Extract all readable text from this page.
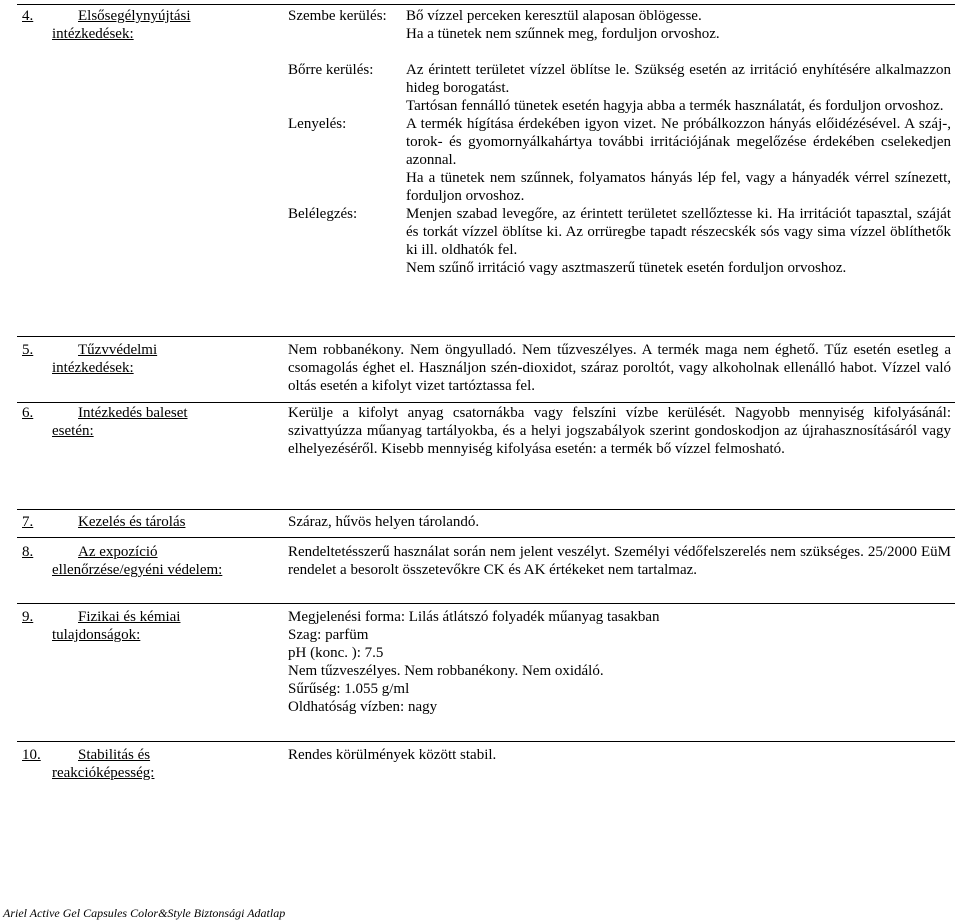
4.	Elsősegélynyújtási
intézkedések:
Szembe kerülés:	Bő vízzel perceken keresztül alaposan öblögesse.
Ha a tünetek nem szűnnek meg, forduljon orvoshoz.
Bőrre kerülés:	Az érintett területet vízzel öblítse le. Szükség esetén az irritáció enyhítésére alkalmazzon hideg borogatást.
Tartósan fennálló tünetek esetén hagyja abba a termék használatát, és forduljon orvoshoz.
Lenyelés:	A termék hígítása érdekében igyon vizet. Ne próbálkozzon hányás előidézésével. A száj-, torok- és gyomornyálkahártya további irritációjának megelőzése érdekében cselekedjen azonnal.
Ha a tünetek nem szűnnek, folyamatos hányás lép fel, vagy a hányadék vérrel színezett, forduljon orvoshoz.
Belélegzés:	Menjen szabad levegőre, az érintett területet szellőztesse ki. Ha irritációt tapasztal, száját és torkát vízzel öblítse ki. Az orrüregbe tapadt részecskék sós vagy sima vízzel öblíthetők ki ill. oldhatók fel.
Nem szűnő irritáció vagy asztmaszerű tünetek esetén forduljon orvoshoz.
5.	Tűzvvédelmi
intézkedések:
Nem robbanékony. Nem öngyulladó. Nem tűzveszélyes. A termék maga nem éghető. Tűz esetén esetleg a csomagolás éghet el. Használjon szén-dioxidot, száraz poroltót, vagy alkoholnak ellenálló habot. Vízzel való oltás esetén a kifolyt vizet tartóztassa fel.
6.	Intézkedés baleset
esetén:
Kerülje a kifolyt anyag csatornákba vagy felszíni vízbe kerülését. Nagyobb mennyiség kifolyásánál: szivattyúzza műanyag tartályokba, és a helyi jogszabályok szerint gondoskodjon az újrahasznosításáról vagy elhelyezéséről. Kisebb mennyiség kifolyása esetén: a termék bő vízzel felmosható.
7.	Kezelés és tárolás	Száraz, hűvös helyen tárolandó.
8.	Az expozíció
ellenőrzése/egyéni védelem:
Rendeltetésszerű használat során nem jelent veszélyt. Személyi védőfelszerelés nem szükséges. 25/2000 EüM rendelet a besorolt összetevőkre CK és AK értékeket nem tartalmaz.
9.	Fizikai és kémiai
tulajdonságok:
Megjelenési forma: Lilás átlátszó folyadék műanyag tasakban
Szag: parfüm
pH (konc. ): 7.5
Nem tűzveszélyes. Nem robbanékony. Nem oxidáló.
Sűrűség: 1.055 g/ml
Oldhatóság vízben: nagy
10. Stabilitás és
reakcióképesség:
Rendes körülmények között stabil.
Ariel Active Gel Capsules Color&Style Biztonsági Adatlap
